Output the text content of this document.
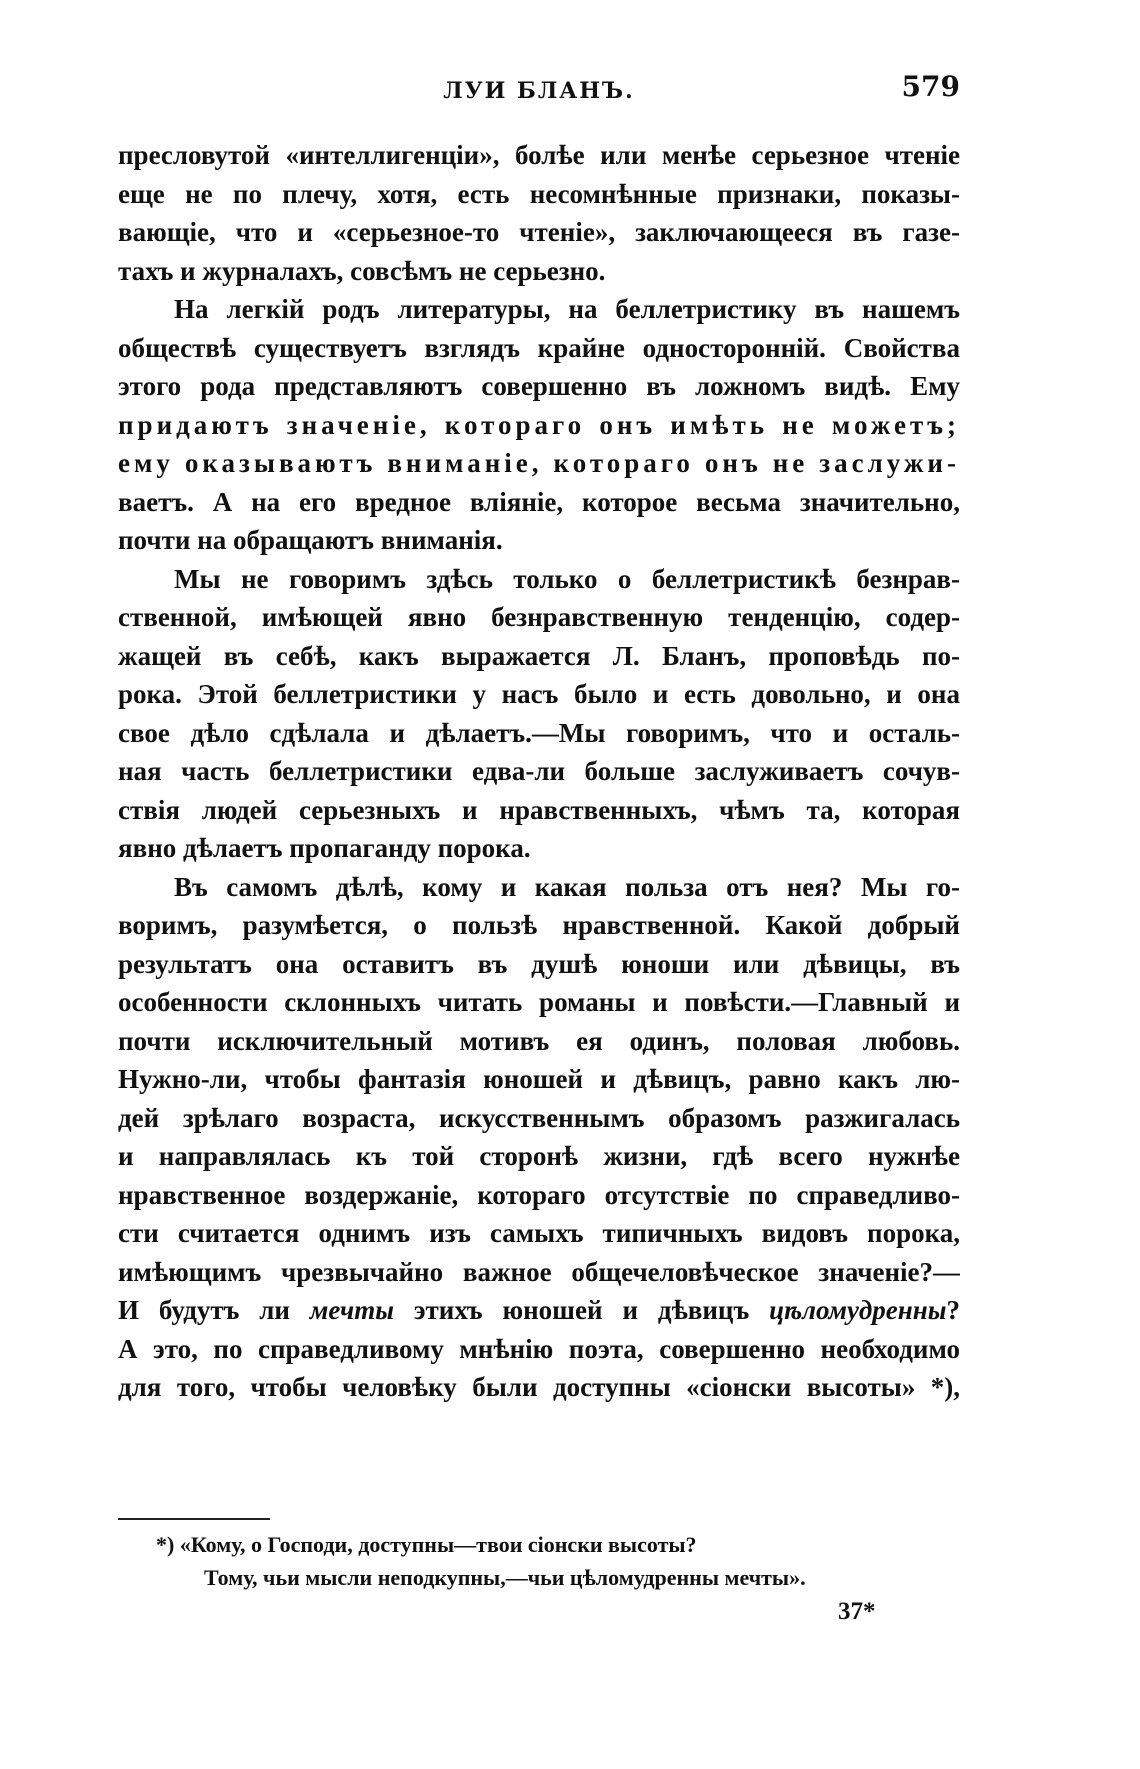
ЛУИ БЛАНЪ.	579
пресловутой «интеллигенціи», болѣе или менѣе серьезное чтеніе
еще не по плечу, хотя, есть несомнѣнные признаки, показы-
вающіе, что и «серьезное-то чтеніе», заключающееся въ газе-
тахъ и журналахъ, совсѣмъ не серьезно.
На легкій родъ литературы, на беллетристику въ нашемъ
обществѣ существуетъ взглядъ крайне односторонній. Свойства
этого рода представляютъ совершенно въ ложномъ видѣ. Ему
придаютъ значеніе, котораго онъ имѣть не можетъ;
ему оказываютъ вниманіе, котораго онъ не заслужи-
ваетъ. А на его вредное вліяніе, которое весьма значительно,
почти на обращаютъ вниманія.
Мы не говоримъ здѣсь только о беллетристикѣ безнрав-
ственной, имѣющей явно безнравственную тенденцію, содер-
жащей въ себѣ, какъ выражается Л. Бланъ, проповѣдь по-
рока. Этой беллетристики у насъ было и есть довольно, и она
свое дѣло сдѣлала и дѣлаетъ.—Мы говоримъ, что и осталь-
ная часть беллетристики едва-ли больше заслуживаетъ сочув-
ствія людей серьезныхъ и нравственныхъ, чѣмъ та, которая
явно дѣлаетъ пропаганду порока.
Въ самомъ дѣлѣ, кому и какая польза отъ нея? Мы го-
воримъ, разумѣется, о пользѣ нравственной. Какой добрый
результатъ она оставитъ въ душѣ юноши или дѣвицы, въ
особенности склонныхъ читать романы и повѣсти.—Главный и
почти исключительный мотивъ ея одинъ, половая любовь.
Нужно-ли, чтобы фантазія юношей и дѣвицъ, равно какъ лю-
дей зрѣлаго возраста, искусственнымъ образомъ разжигалась
и направлялась къ той сторонѣ жизни, гдѣ всего нужнѣе
нравственное воздержаніе, котораго отсутствіе по справедливо-
сти считается однимъ изъ самыхъ типичныхъ видовъ порока,
имѣющимъ чрезвычайно важное общечеловѣческое значеніе?—
И будутъ ли мечты этихъ юношей и дѣвицъ цѣломудренны?
А это, по справедливому мнѣнію поэта, совершенно необходимо
для того, чтобы человѣку были доступны «сіонски высоты» *),
*) «Кому, о Господи, доступны—твои сіонски высоты?
Тому, чьи мысли неподкупны,—чьи цѣломудренны мечты».
37*
